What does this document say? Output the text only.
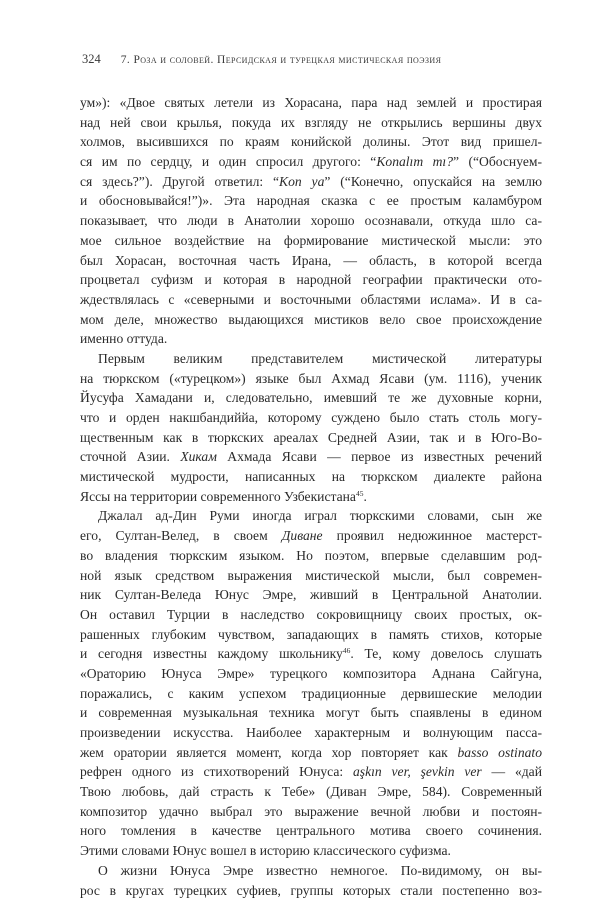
324 7. Роза и соловей. Персидская и турецкая мистическая поэзия
ум»): «Двое святых летели из Хорасана, пара над землей и простирая
над ней свои крылья, покуда их взгляду не открылись вершины двух
холмов, высившихся по краям конийской долины. Этот вид пришел-
ся им по сердцу, и один спросил другого: “Konalım mı?” (“Обоснуем-
ся здесь?”). Другой ответил: “Kon ya” (“Конечно, опускайся на землю
и обосновывайся!”)». Эта народная сказка с ее простым каламбуром
показывает, что люди в Анатолии хорошо осознавали, откуда шло са-
мое сильное воздействие на формирование мистической мысли: это
был Хорасан, восточная часть Ирана, — область, в которой всегда
процветал суфизм и которая в народной географии практически ото-
ждествлялась с «северными и восточными областями ислама». И в са-
мом деле, множество выдающихся мистиков вело свое происхождение
именно оттуда.
Первым великим представителем мистической литературы
на тюркском («турецком») языке был Ахмад Ясави (ум. 1116), ученик
Йусуфа Хамадани и, следовательно, имевший те же духовные корни,
что и орден накшбандиййа, которому суждено было стать столь могу-
щественным как в тюркских ареалах Средней Азии, так и в Юго-Во-
сточной Азии. Хикам Ахмада Ясави — первое из известных речений
мистической мудрости, написанных на тюркском диалекте района
Яссы на территории современного Узбекистана$^{45}$.
Джалал ад-Дин Руми иногда играл тюркскими словами, сын же
его, Султан-Велед, в своем Диване проявил недюжинное мастерст-
во владения тюркским языком. Но поэтом, впервые сделавшим род-
ной язык средством выражения мистической мысли, был современ-
ник Султан-Веледа Юнус Эмре, живший в Центральной Анатолии.
Он оставил Турции в наследство сокровищницу своих простых, ок-
рашенных глубоким чувством, западающих в память стихов, которые
и сегодня известны каждому школьнику$^{46}$. Те, кому довелось слушать
«Ораторию Юнуса Эмре» турецкого композитора Аднана Сайгуна,
поражались, с каким успехом традиционные дервишеские мелодии
и современная музыкальная техника могут быть спаявлены в едином
произведении искусства. Наиболее характерным и волнующим пасса-
жем оратории является момент, когда хор повторяет как basso ostinato
рефрен одного из стихотворений Юнуса: aşkın ver, şevkin ver — «дай
Твою любовь, дай страсть к Тебе» (Диван Эмре, 584). Современный
композитор удачно выбрал это выражение вечной любви и постоян-
ного томления в качестве центрального мотива своего сочинения.
Этими словами Юнус вошел в историю классического суфизма.
О жизни Юнуса Эмре известно немногое. По-видимому, он вы-
рос в кругах турецких суфиев, группы которых стали постепенно воз-
